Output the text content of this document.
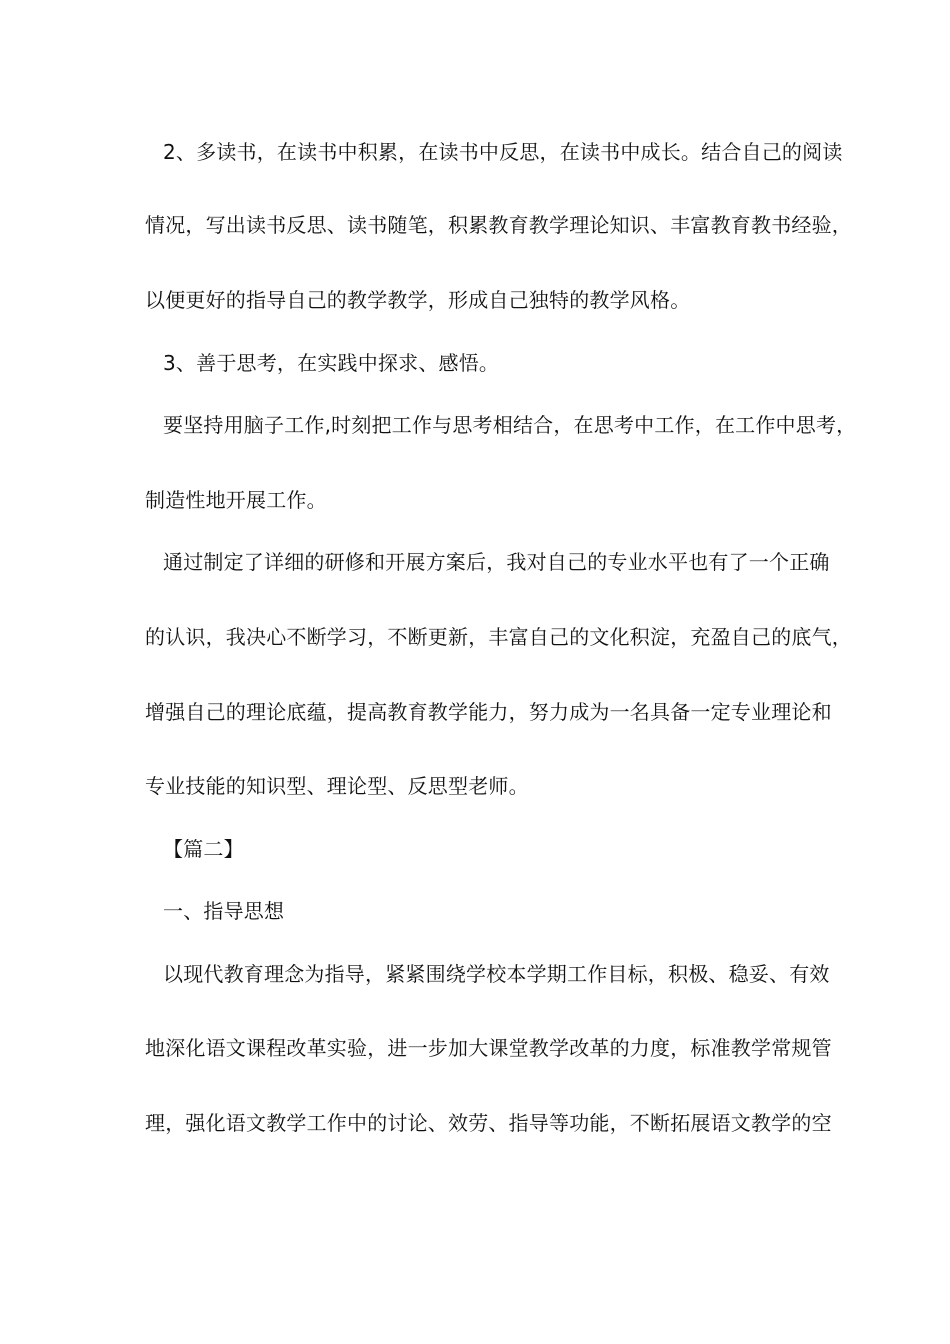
2、多读书，在读书中积累，在读书中反思，在读书中成长。结合自己的阅读
情况，写出读书反思、读书随笔，积累教育教学理论知识、丰富教育教书经验，
以便更好的指导自己的教学教学，形成自己独特的教学风格。
3、善于思考，在实践中探求、感悟。
要坚持用脑子工作,时刻把工作与思考相结合，在思考中工作，在工作中思考，
制造性地开展工作。
通过制定了详细的研修和开展方案后，我对自己的专业水平也有了一个正确
的认识，我决心不断学习，不断更新，丰富自己的文化积淀，充盈自己的底气，
增强自己的理论底蕴，提高教育教学能力，努力成为一名具备一定专业理论和
专业技能的知识型、理论型、反思型老师。
【篇二】
一、指导思想
以现代教育理念为指导，紧紧围绕学校本学期工作目标，积极、稳妥、有效
地深化语文课程改革实验，进一步加大课堂教学改革的力度，标准教学常规管
理，强化语文教学工作中的讨论、效劳、指导等功能，不断拓展语文教学的空
